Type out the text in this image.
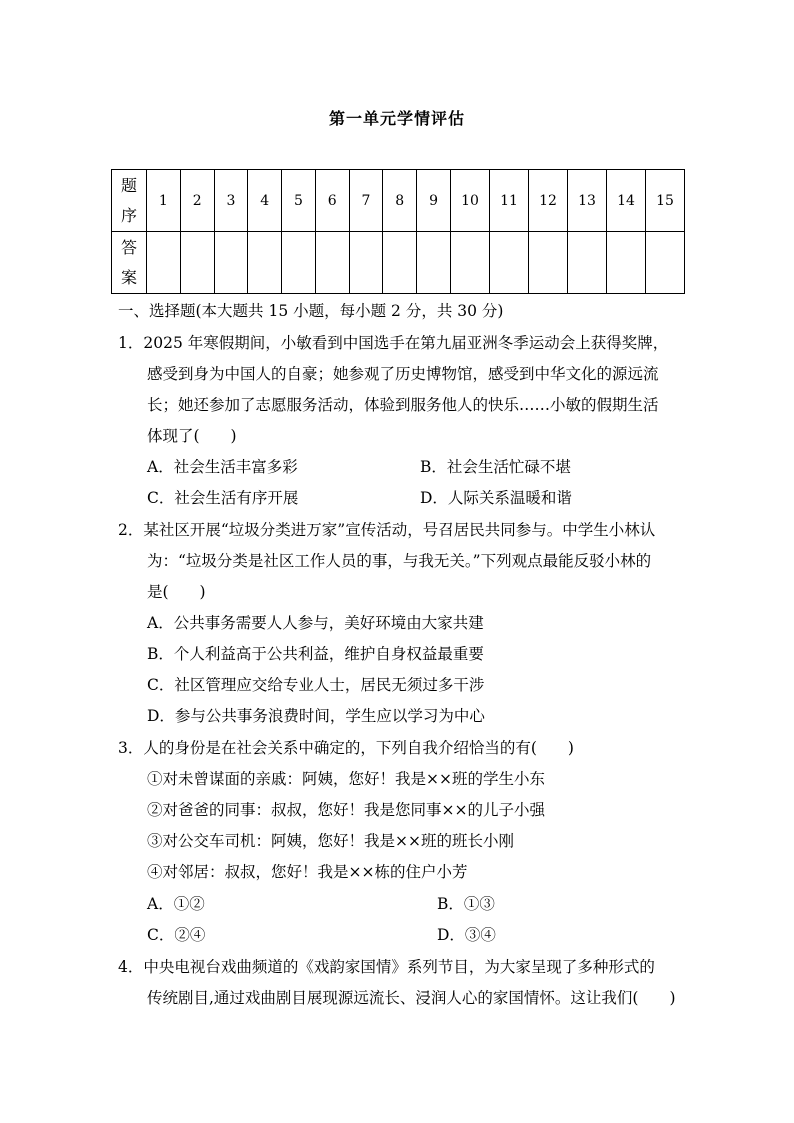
第一单元学情评估
题
序	1	2	3	4	5	6	7	8	9	10	11	12	13	14	15
答
案															
一、选择题(本大题共 15 小题，每小题 2 分，共 30 分)
1．2025 年寒假期间，小敏看到中国选手在第九届亚洲冬季运动会上获得奖牌，
感受到身为中国人的自豪；她参观了历史博物馆，感受到中华文化的源远流
长；她还参加了志愿服务活动，体验到服务他人的快乐……小敏的假期生活
体现了(　　)
A．社会生活丰富多彩	B．社会生活忙碌不堪
C．社会生活有序开展	D．人际关系温暖和谐
2．某社区开展“垃圾分类进万家”宣传活动，号召居民共同参与。中学生小林认
为：“垃圾分类是社区工作人员的事，与我无关。”下列观点最能反驳小林的
是(　　)
A．公共事务需要人人参与，美好环境由大家共建
B．个人利益高于公共利益，维护自身权益最重要
C．社区管理应交给专业人士，居民无须过多干涉
D．参与公共事务浪费时间，学生应以学习为中心
3．人的身份是在社会关系中确定的，下列自我介绍恰当的有(　　)
①对未曾谋面的亲戚：阿姨，您好！我是××班的学生小东
②对爸爸的同事：叔叔，您好！我是您同事××的儿子小强
③对公交车司机：阿姨，您好！我是××班的班长小刚
④对邻居：叔叔，您好！我是××栋的住户小芳
A．①②	B．①③
C．②④	D．③④
4．中央电视台戏曲频道的《戏韵家国情》系列节目，为大家呈现了多种形式的
传统剧目,通过戏曲剧目展现源远流长、浸润人心的家国情怀。这让我们(　　)
